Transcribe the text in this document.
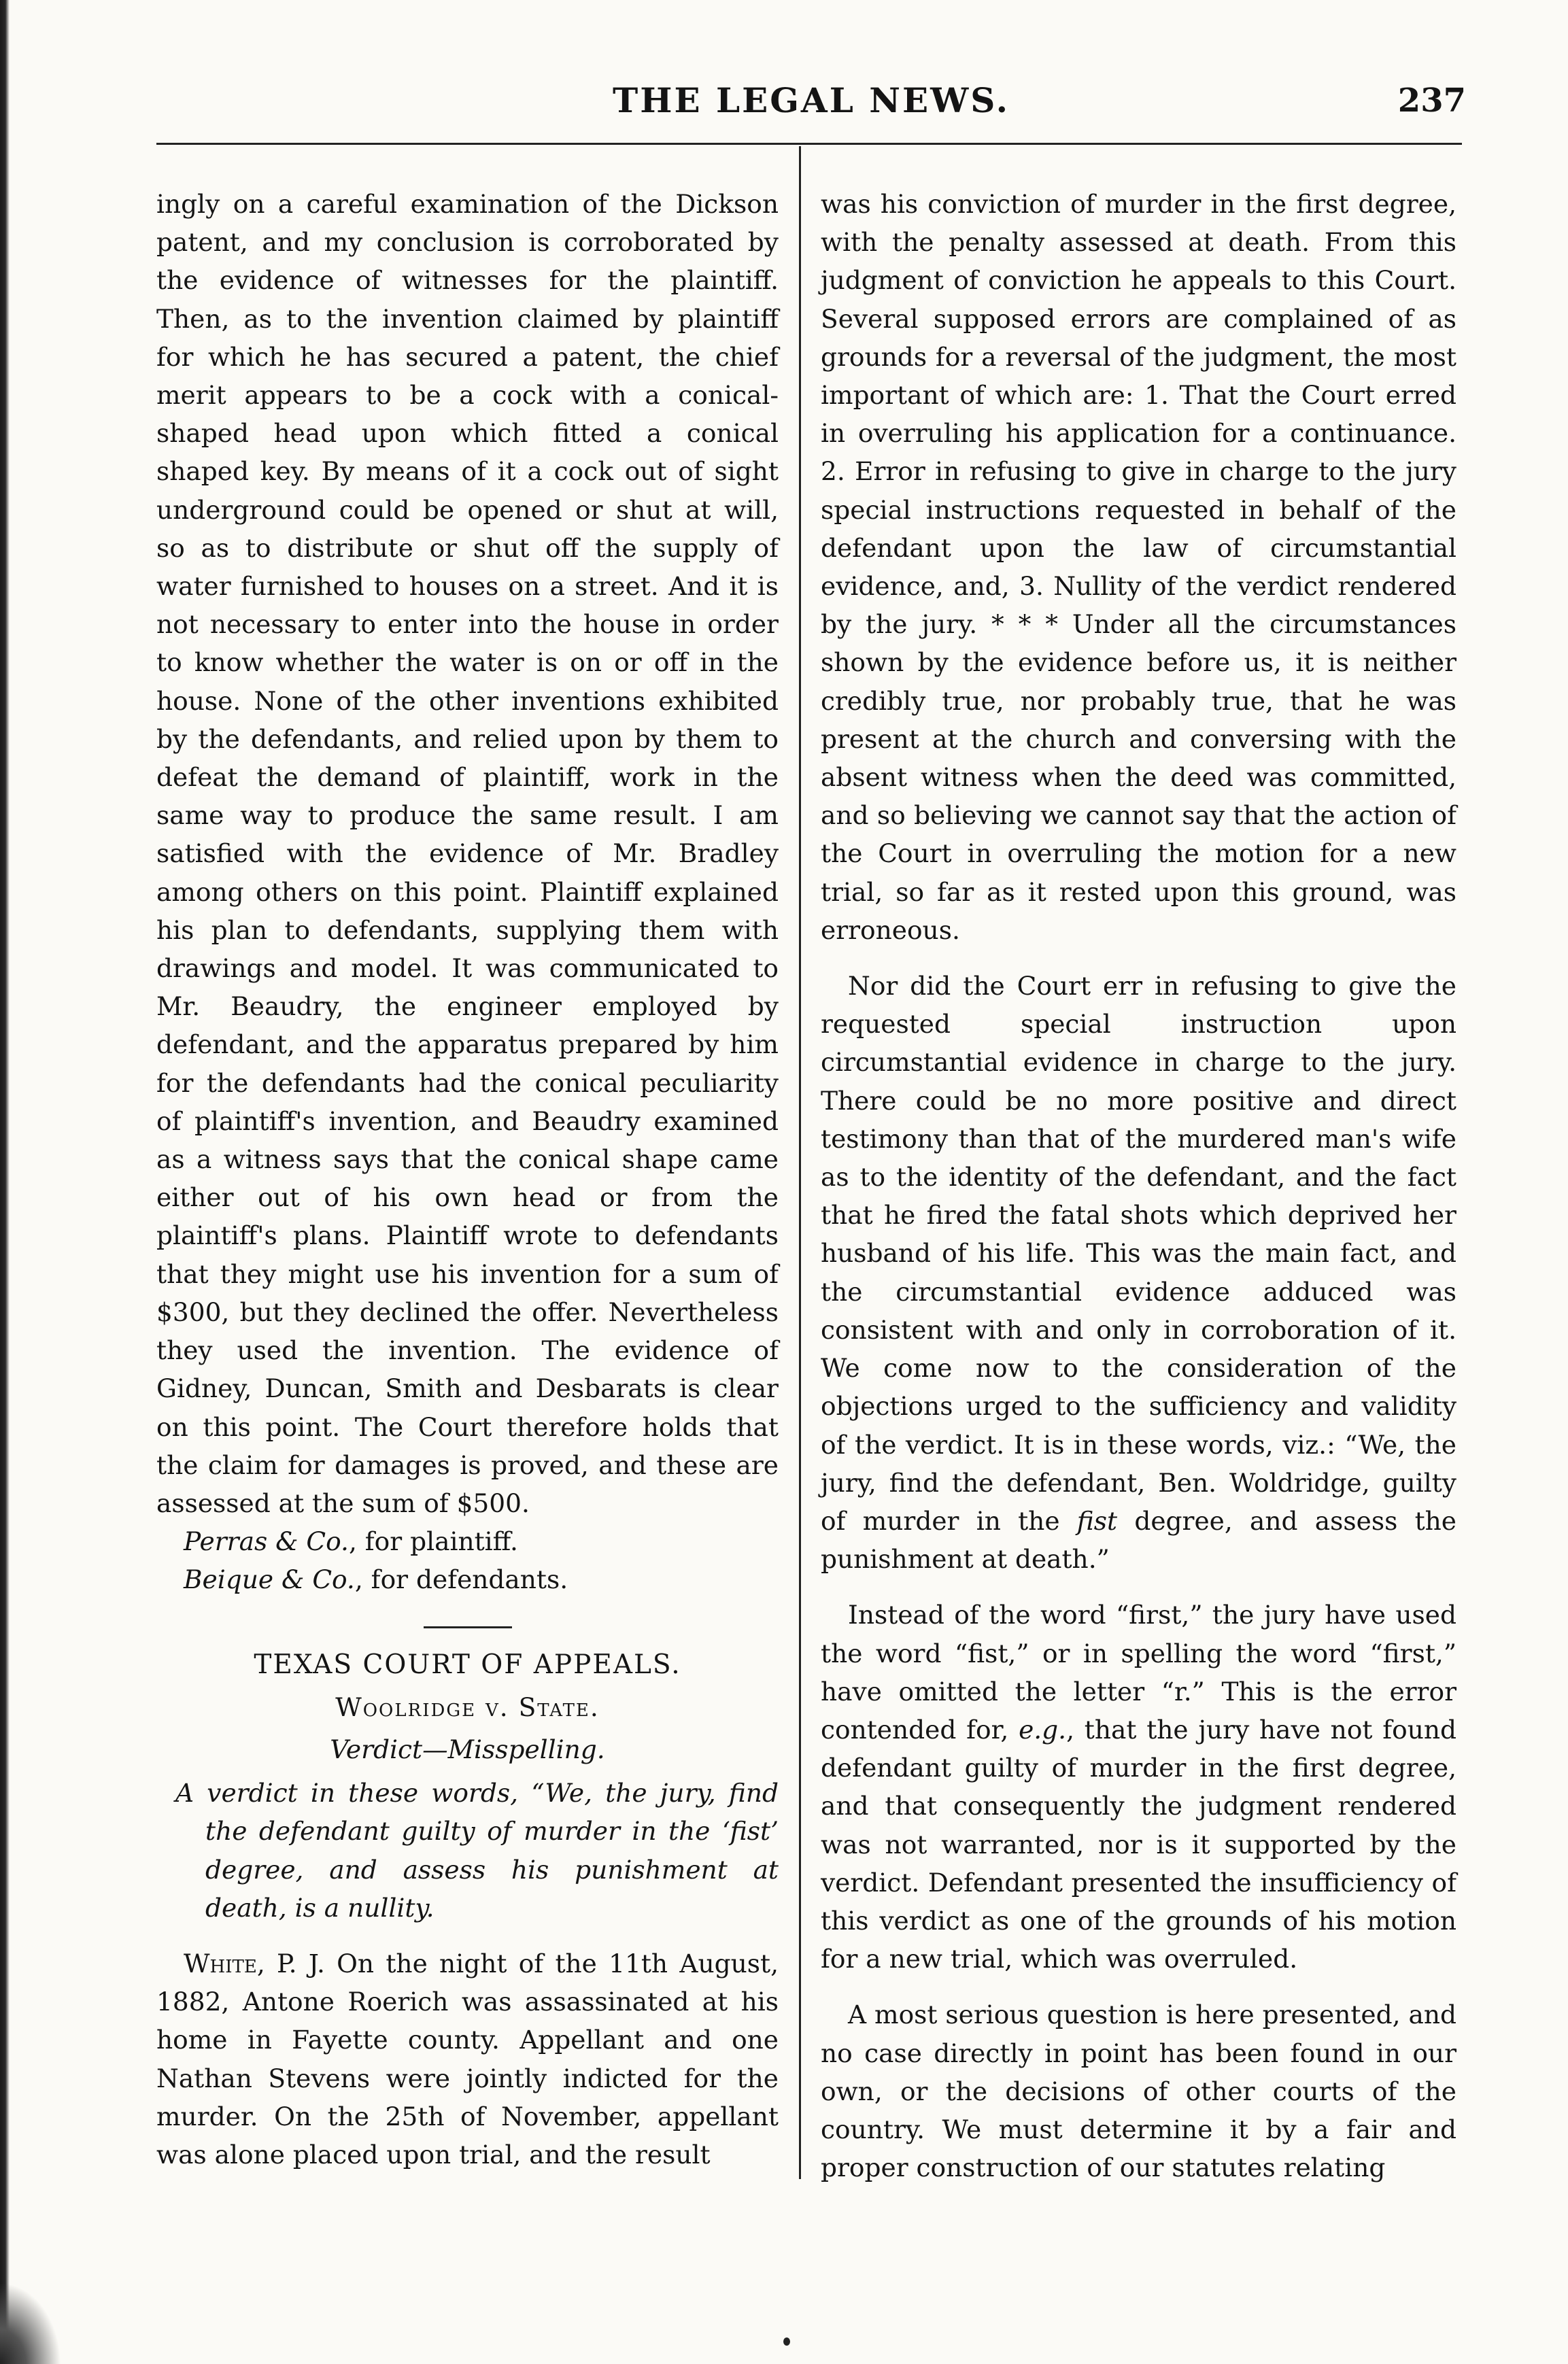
THE LEGAL NEWS.	237

ingly on a careful examination of the Dickson patent, and my conclusion is corroborated by the evidence of witnesses for the plaintiff. Then, as to the invention claimed by plaintiff for which he has secured a patent, the chief merit appears to be a cock with a conical-shaped head upon which fitted a conical shaped key. By means of it a cock out of sight underground could be opened or shut at will, so as to distribute or shut off the supply of water furnished to houses on a street. And it is not necessary to enter into the house in order to know whether the water is on or off in the house. None of the other inventions exhibited by the defendants, and relied upon by them to defeat the demand of plaintiff, work in the same way to produce the same result. I am satisfied with the evidence of Mr. Bradley among others on this point. Plaintiff explained his plan to defendants, supplying them with drawings and model. It was communicated to Mr. Beaudry, the engineer employed by defendant, and the apparatus prepared by him for the defendants had the conical peculiarity of plaintiff's invention, and Beaudry examined as a witness says that the conical shape came either out of his own head or from the plaintiff's plans. Plaintiff wrote to defendants that they might use his invention for a sum of $300, but they declined the offer. Nevertheless they used the invention. The evidence of Gidney, Duncan, Smith and Desbarats is clear on this point. The Court therefore holds that the claim for damages is proved, and these are assessed at the sum of $500.

Perras & Co., for plaintiff.

Beique & Co., for defendants.

TEXAS COURT OF APPEALS.
Woolridge v. State.
Verdict—Misspelling.

A verdict in these words, “We, the jury, find the defendant guilty of murder in the ‘fist’ degree, and assess his punishment at death, is a nullity.

White, P. J. On the night of the 11th August, 1882, Antone Roerich was assassinated at his home in Fayette county. Appellant and one Nathan Stevens were jointly indicted for the murder. On the 25th of November, appellant was alone placed upon trial, and the result

was his conviction of murder in the first degree, with the penalty assessed at death. From this judgment of conviction he appeals to this Court. Several supposed errors are complained of as grounds for a reversal of the judgment, the most important of which are: 1. That the Court erred in overruling his application for a continuance. 2. Error in refusing to give in charge to the jury special instructions requested in behalf of the defendant upon the law of circumstantial evidence, and, 3. Nullity of the verdict rendered by the jury. * * * Under all the circumstances shown by the evidence before us, it is neither credibly true, nor probably true, that he was present at the church and conversing with the absent witness when the deed was committed, and so believing we cannot say that the action of the Court in overruling the motion for a new trial, so far as it rested upon this ground, was erroneous.

Nor did the Court err in refusing to give the requested special instruction upon circumstantial evidence in charge to the jury. There could be no more positive and direct testimony than that of the murdered man's wife as to the identity of the defendant, and the fact that he fired the fatal shots which deprived her husband of his life. This was the main fact, and the circumstantial evidence adduced was consistent with and only in corroboration of it. We come now to the consideration of the objections urged to the sufficiency and validity of the verdict. It is in these words, viz.: “We, the jury, find the defendant, Ben. Woldridge, guilty of murder in the fist degree, and assess the punishment at death.”

Instead of the word “first,” the jury have used the word “fist,” or in spelling the word “first,” have omitted the letter “r.” This is the error contended for, e.g., that the jury have not found defendant guilty of murder in the first degree, and that consequently the judgment rendered was not warranted, nor is it supported by the verdict. Defendant presented the insufficiency of this verdict as one of the grounds of his motion for a new trial, which was overruled.

A most serious question is here presented, and no case directly in point has been found in our own, or the decisions of other courts of the country. We must determine it by a fair and proper construction of our statutes relating
